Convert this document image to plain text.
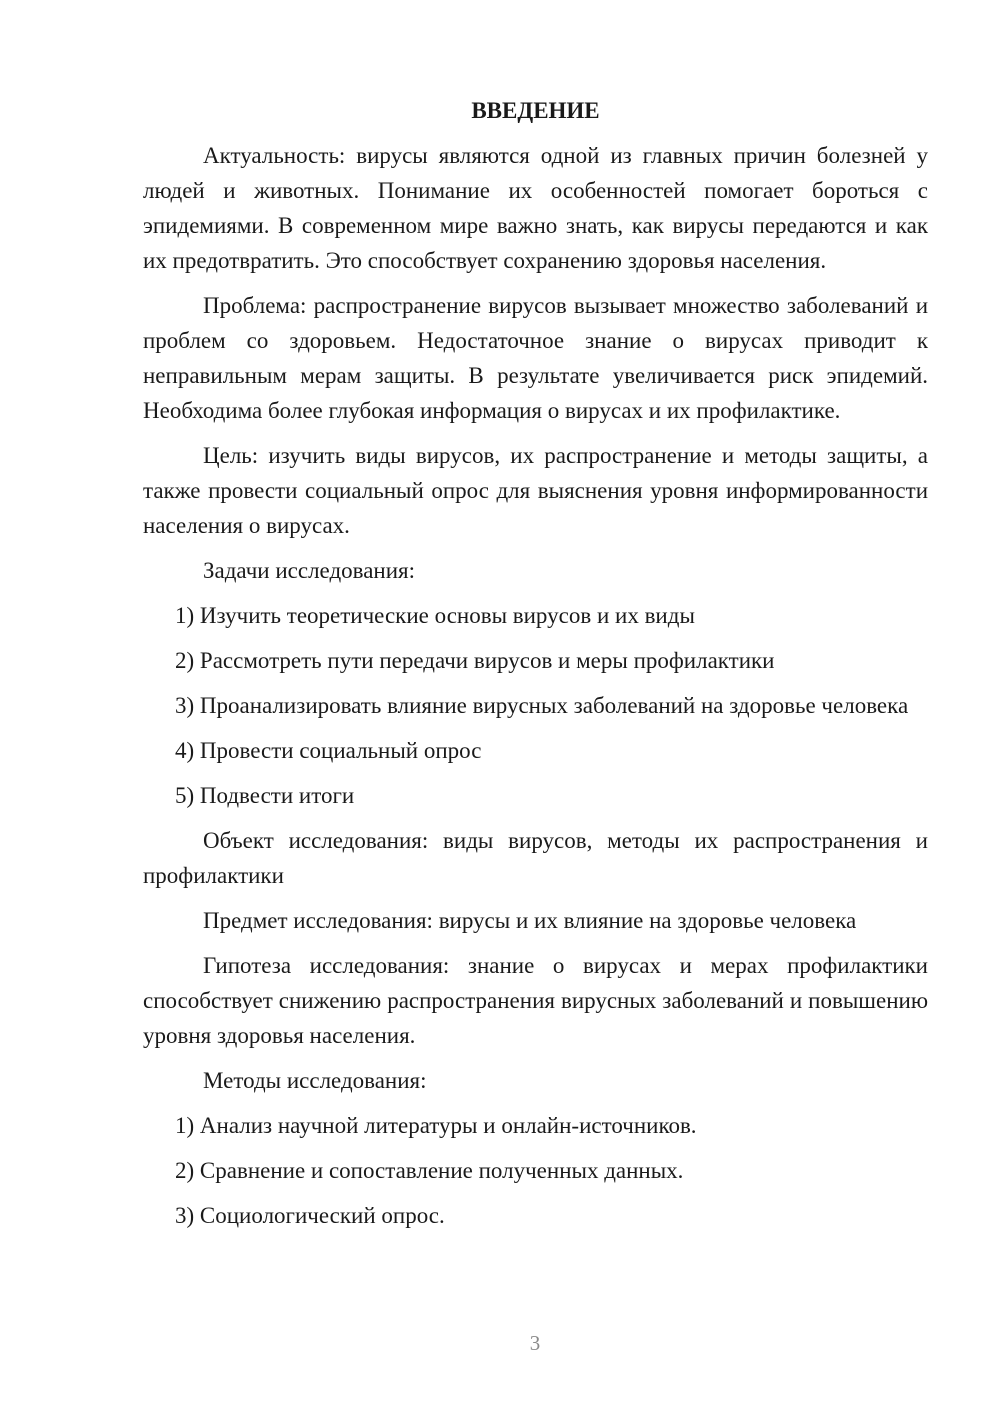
ВВЕДЕНИЕ

Актуальность: вирусы являются одной из главных причин болезней у людей и животных. Понимание их особенностей помогает бороться с эпидемиями. В современном мире важно знать, как вирусы передаются и как их предотвратить. Это способствует сохранению здоровья населения.

Проблема: распространение вирусов вызывает множество заболеваний и проблем со здоровьем. Недостаточное знание о вирусах приводит к неправильным мерам защиты. В результате увеличивается риск эпидемий. Необходима более глубокая информация о вирусах и их профилактике.

Цель: изучить виды вирусов, их распространение и методы защиты, а также провести социальный опрос для выяснения уровня информированности населения о вирусах.

Задачи исследования:

1) Изучить теоретические основы вирусов и их виды

2) Рассмотреть пути передачи вирусов и меры профилактики

3) Проанализировать влияние вирусных заболеваний на здоровье человека

4) Провести социальный опрос

5) Подвести итоги

Объект исследования: виды вирусов, методы их распространения и профилактики

Предмет исследования: вирусы и их влияние на здоровье человека

Гипотеза исследования: знание о вирусах и мерах профилактики способствует снижению распространения вирусных заболеваний и повышению уровня здоровья населения.

Методы исследования:

1) Анализ научной литературы и онлайн-источников.

2) Сравнение и сопоставление полученных данных.

3) Социологический опрос.

3
